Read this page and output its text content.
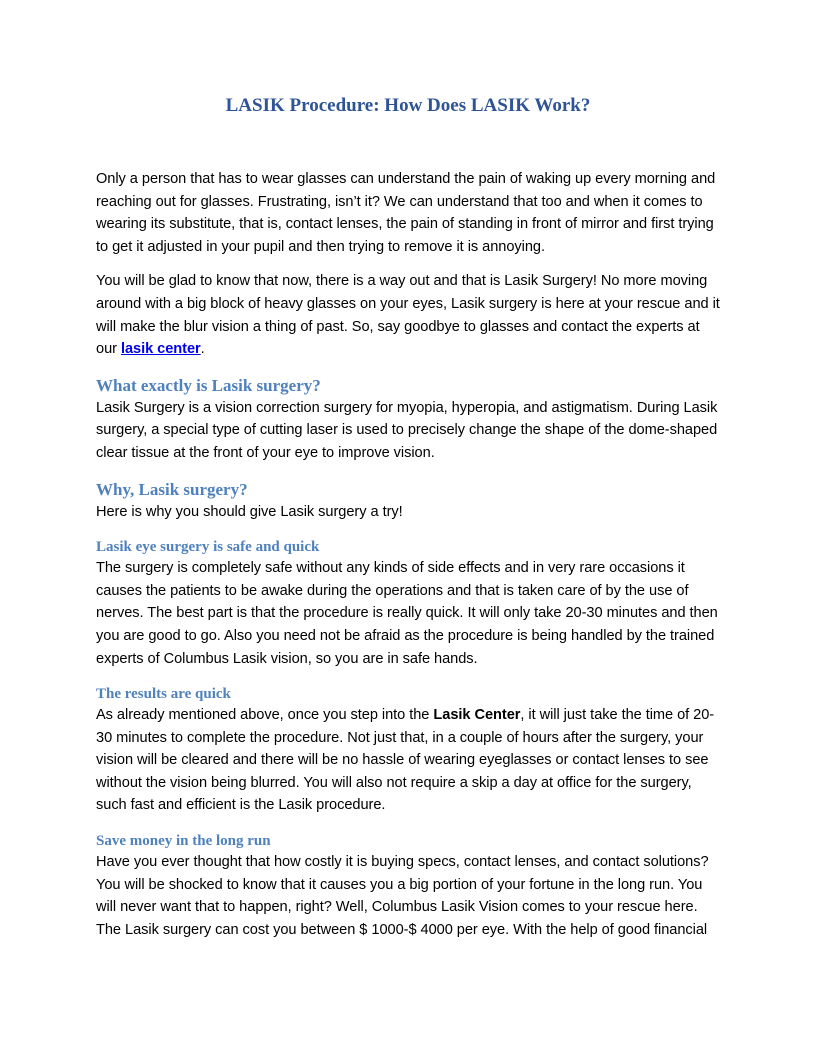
LASIK Procedure: How Does LASIK Work?

Only a person that has to wear glasses can understand the pain of waking up every morning and reaching out for glasses. Frustrating, isn’t it? We can understand that too and when it comes to wearing its substitute, that is, contact lenses, the pain of standing in front of mirror and first trying to get it adjusted in your pupil and then trying to remove it is annoying.

You will be glad to know that now, there is a way out and that is Lasik Surgery! No more moving around with a big block of heavy glasses on your eyes, Lasik surgery is here at your rescue and it will make the blur vision a thing of past. So, say goodbye to glasses and contact the experts at our lasik center.

What exactly is Lasik surgery?

Lasik Surgery is a vision correction surgery for myopia, hyperopia, and astigmatism. During Lasik surgery, a special type of cutting laser is used to precisely change the shape of the dome-shaped clear tissue at the front of your eye to improve vision.

Why, Lasik surgery?

Here is why you should give Lasik surgery a try!

Lasik eye surgery is safe and quick

The surgery is completely safe without any kinds of side effects and in very rare occasions it causes the patients to be awake during the operations and that is taken care of by the use of nerves. The best part is that the procedure is really quick. It will only take 20-30 minutes and then you are good to go. Also you need not be afraid as the procedure is being handled by the trained experts of Columbus Lasik vision, so you are in safe hands.

The results are quick

As already mentioned above, once you step into the Lasik Center, it will just take the time of 20-30 minutes to complete the procedure. Not just that, in a couple of hours after the surgery, your vision will be cleared and there will be no hassle of wearing eyeglasses or contact lenses to see without the vision being blurred. You will also not require a skip a day at office for the surgery, such fast and efficient is the Lasik procedure.

Save money in the long run

Have you ever thought that how costly it is buying specs, contact lenses, and contact solutions? You will be shocked to know that it causes you a big portion of your fortune in the long run. You will never want that to happen, right? Well, Columbus Lasik Vision comes to your rescue here. The Lasik surgery can cost you between $ 1000-$ 4000 per eye. With the help of good financial
